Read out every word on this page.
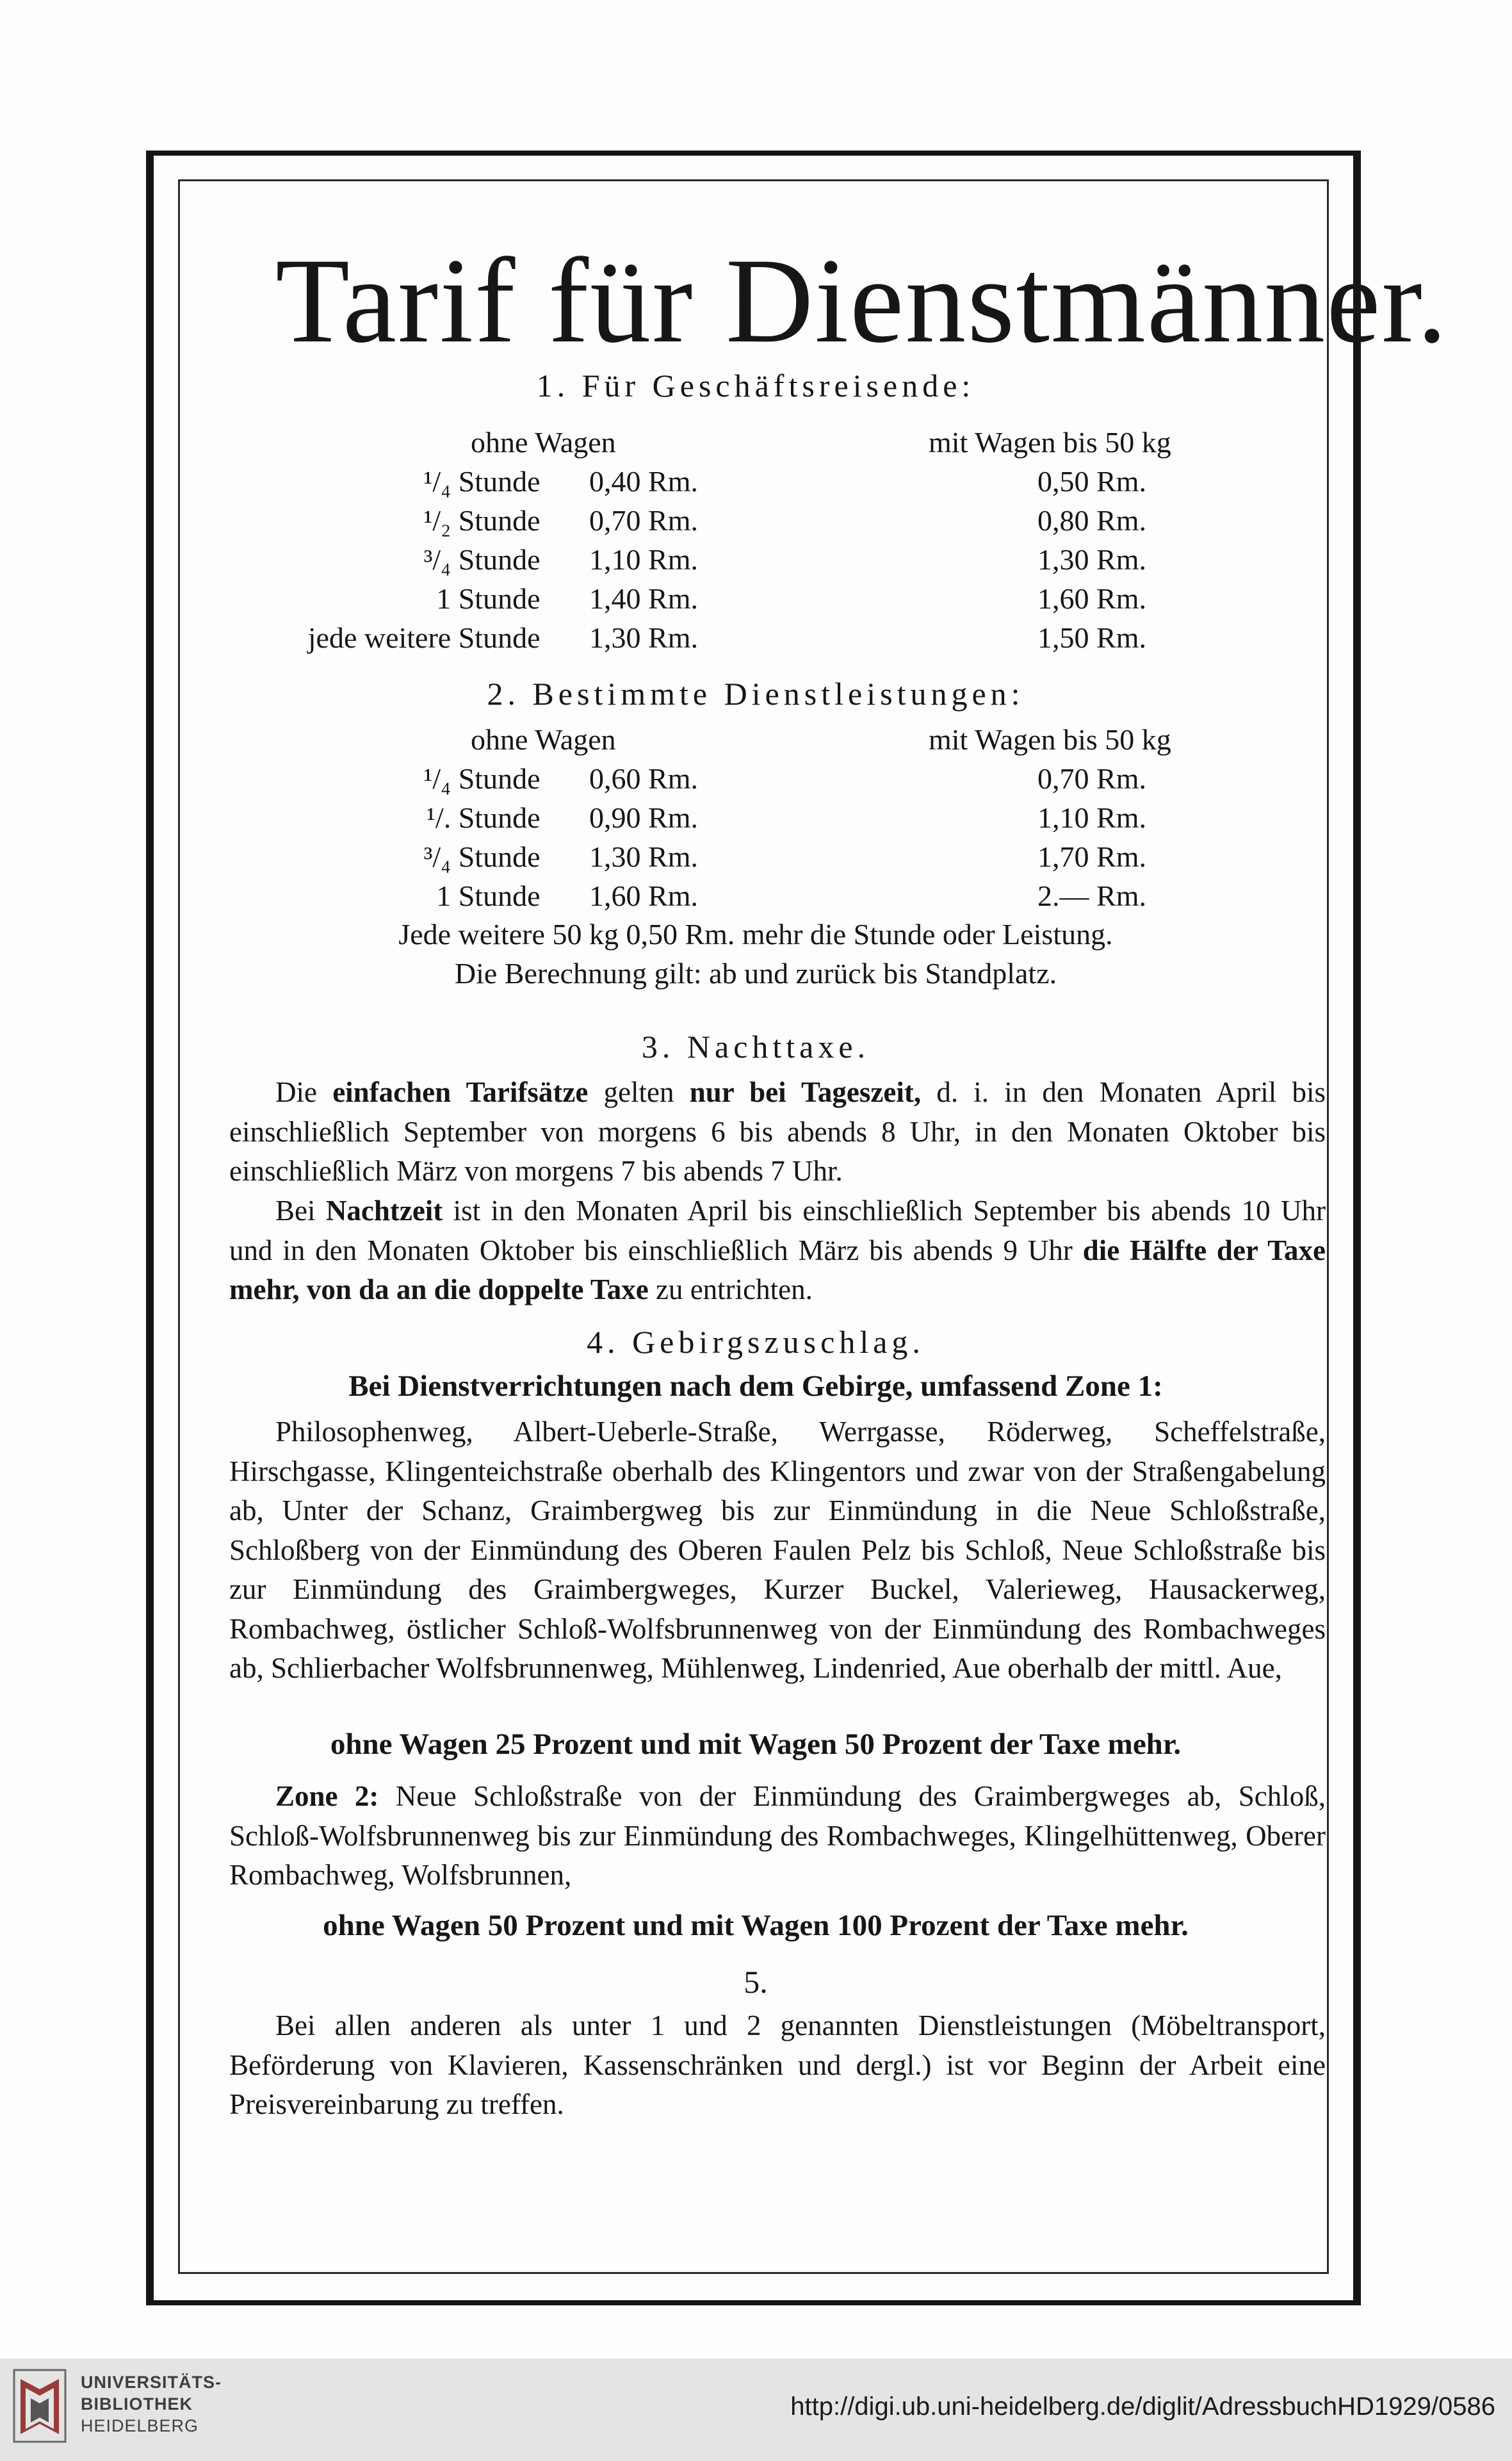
Tarif für Dienstmänner.
1. Für Geschäftsreisende:
ohne Wagen	mit Wagen bis 50 kg
¹/₄ Stunde 0,40 Rm.	0,50 Rm.
¹/₂ Stunde 0,70 Rm.	0,80 Rm.
³/₄ Stunde 1,10 Rm.	1,30 Rm.
1 Stunde 1,40 Rm.	1,60 Rm.
jede weitere Stunde 1,30 Rm.	1,50 Rm.
2. Bestimmte Dienstleistungen:
ohne Wagen	mit Wagen bis 50 kg
¹/₄ Stunde 0,60 Rm.	0,70 Rm.
¹/. Stunde 0,90 Rm.	1,10 Rm.
³/₄ Stunde 1,30 Rm.	1,70 Rm.
1 Stunde 1,60 Rm.	2.— Rm.
Jede weitere 50 kg 0,50 Rm. mehr die Stunde oder Leistung.
Die Berechnung gilt: ab und zurück bis Standplatz.
3. Nachttaxe.

Die einfachen Tarifsätze gelten nur bei Tageszeit, d. i. in den Monaten April bis einschließlich September von morgens 6 bis abends 8 Uhr, in den Monaten Oktober bis einschließlich März von morgens 7 bis abends 7 Uhr.

Bei Nachtzeit ist in den Monaten April bis einschließlich September bis abends 10 Uhr und in den Monaten Oktober bis einschließlich März bis abends 9 Uhr die Hälfte der Taxe mehr, von da an die doppelte Taxe zu entrichten.

4. Gebirgszuschlag.
Bei Dienstverrichtungen nach dem Gebirge, umfassend Zone 1:

Philosophenweg, Albert-Ueberle-Straße, Werrgasse, Röderweg, Scheffelstraße, Hirschgasse, Klingenteichstraße oberhalb des Klingentors und zwar von der Straßengabelung ab, Unter der Schanz, Graimbergweg bis zur Einmündung in die Neue Schloßstraße, Schloßberg von der Einmündung des Oberen Faulen Pelz bis Schloß, Neue Schloßstraße bis zur Einmündung des Graimbergweges, Kurzer Buckel, Valerieweg, Hausackerweg, Rombachweg, östlicher Schloß-Wolfsbrunnenweg von der Einmündung des Rombachweges ab, Schlierbacher Wolfsbrunnenweg, Mühlenweg, Lindenried, Aue oberhalb der mittl. Aue,

ohne Wagen 25 Prozent und mit Wagen 50 Prozent der Taxe mehr.

Zone 2: Neue Schloßstraße von der Einmündung des Graimbergweges ab, Schloß, Schloß-Wolfsbrunnenweg bis zur Einmündung des Rombachweges, Klingelhüttenweg, Oberer Rombachweg, Wolfsbrunnen,

ohne Wagen 50 Prozent und mit Wagen 100 Prozent der Taxe mehr.
5.

Bei allen anderen als unter 1 und 2 genannten Dienstleistungen (Möbeltransport, Beförderung von Klavieren, Kassenschränken und dergl.) ist vor Beginn der Arbeit eine Preisvereinbarung zu treffen.

UNIVERSITÄTS-
BIBLIOTHEK
HEIDELBERG
http://digi.ub.uni-heidelberg.de/diglit/AdressbuchHD1929/0586
